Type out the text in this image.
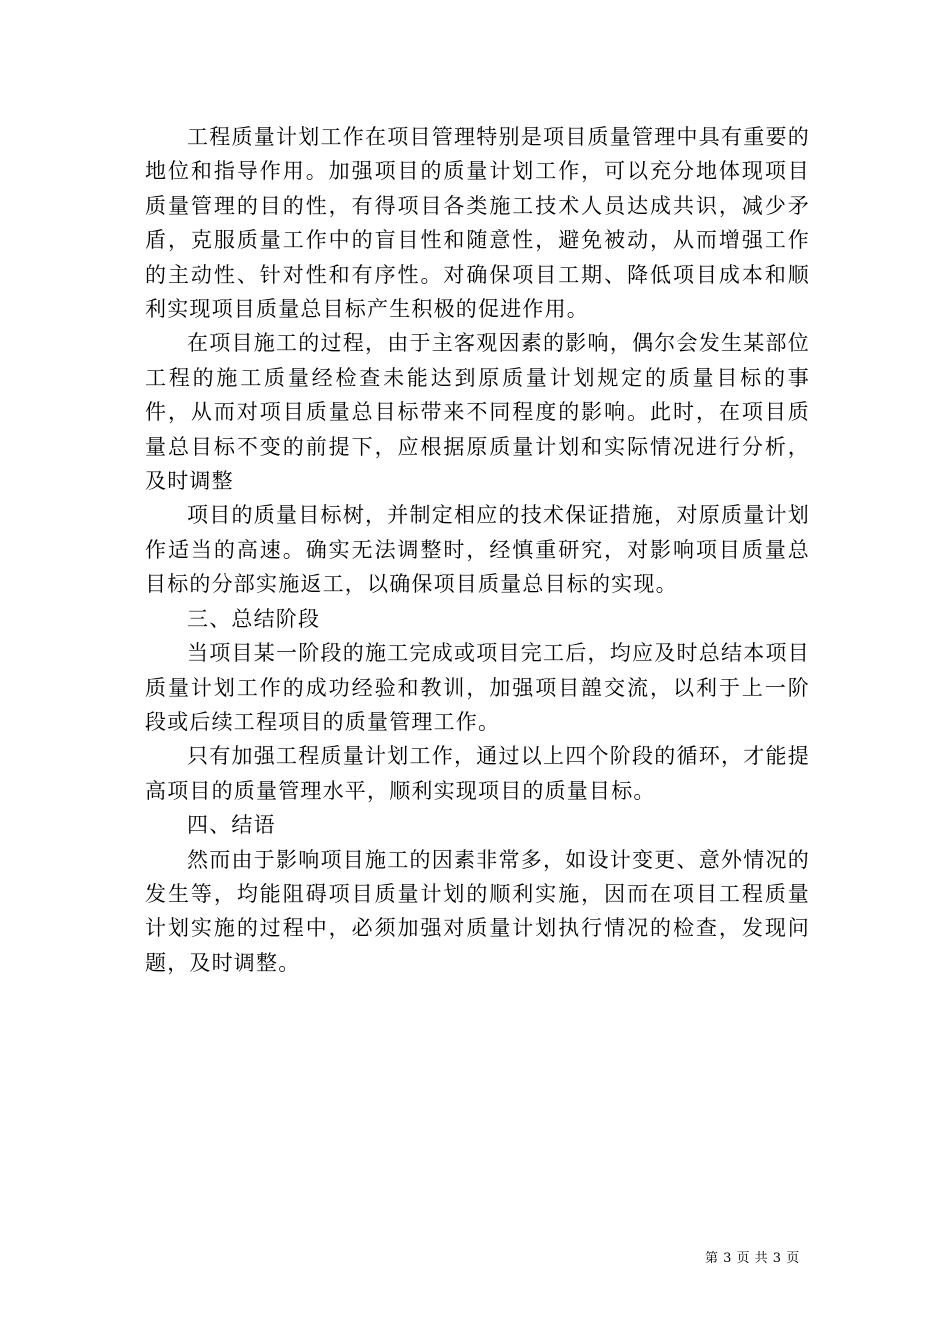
工程质量计划工作在项目管理特别是项目质量管理中具有重要的地位和指导作用。加强项目的质量计划工作，可以充分地体现项目质量管理的目的性，有得项目各类施工技术人员达成共识，减少矛盾，克服质量工作中的盲目性和随意性，避免被动，从而增强工作的主动性、针对性和有序性。对确保项目工期、降低项目成本和顺利实现项目质量总目标产生积极的促进作用。

在项目施工的过程，由于主客观因素的影响，偶尔会发生某部位工程的施工质量经检查未能达到原质量计划规定的质量目标的事件，从而对项目质量总目标带来不同程度的影响。此时，在项目质量总目标不变的前提下，应根据原质量计划和实际情况进行分析，及时调整

项目的质量目标树，并制定相应的技术保证措施，对原质量计划作适当的高速。确实无法调整时，经慎重研究，对影响项目质量总目标的分部实施返工，以确保项目质量总目标的实现。

三、总结阶段

当项目某一阶段的施工完成或项目完工后，均应及时总结本项目质量计划工作的成功经验和教训，加强项目韹交流，以利于上一阶段或后续工程项目的质量管理工作。

只有加强工程质量计划工作，通过以上四个阶段的循环，才能提高项目的质量管理水平，顺利实现项目的质量目标。

四、结语

然而由于影响项目施工的因素非常多，如设计变更、意外情况的发生等，均能阻碍项目质量计划的顺利实施，因而在项目工程质量计划实施的过程中，必须加强对质量计划执行情况的检查，发现问题，及时调整。

第 3 页 共 3 页
